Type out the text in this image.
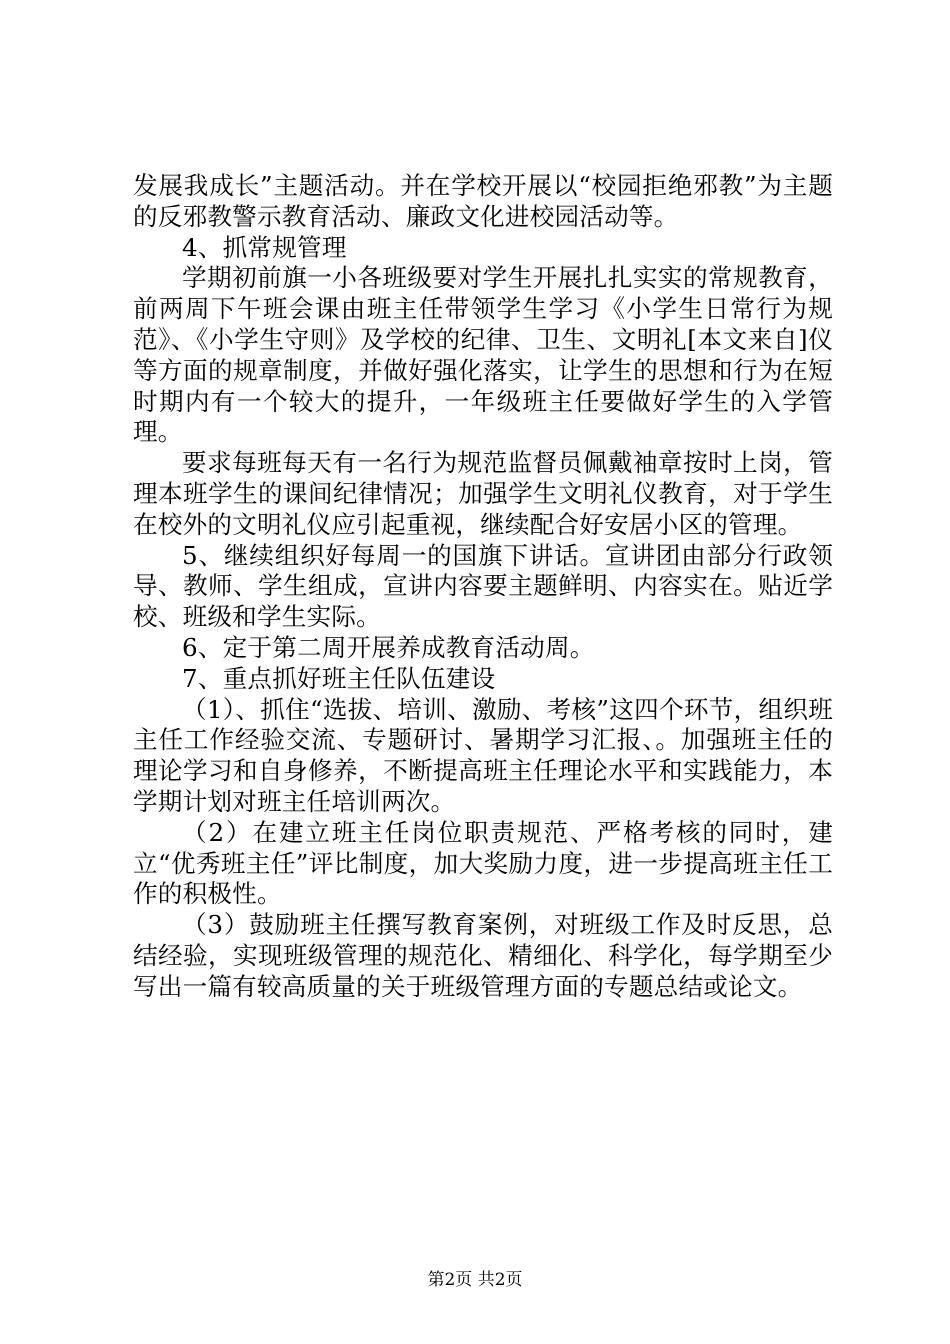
发展我成长”主题活动。并在学校开展以“校园拒绝邪教”为主题的反邪教警示教育活动、廉政文化进校园活动等。

4、抓常规管理

学期初前旗一小各班级要对学生开展扎扎实实的常规教育，前两周下午班会课由班主任带领学生学习《小学生日常行为规范》、《小学生守则》及学校的纪律、卫生、文明礼[本文来自]仪等方面的规章制度，并做好强化落实，让学生的思想和行为在短时期内有一个较大的提升，一年级班主任要做好学生的入学管理。

要求每班每天有一名行为规范监督员佩戴袖章按时上岗，管理本班学生的课间纪律情况；加强学生文明礼仪教育，对于学生在校外的文明礼仪应引起重视，继续配合好安居小区的管理。

5、继续组织好每周一的国旗下讲话。宣讲团由部分行政领导、教师、学生组成，宣讲内容要主题鲜明、内容实在。贴近学校、班级和学生实际。

6、定于第二周开展养成教育活动周。

7、重点抓好班主任队伍建设

（1）、抓住“选拔、培训、激励、考核”这四个环节，组织班主任工作经验交流、专题研讨、暑期学习汇报、。加强班主任的理论学习和自身修养，不断提高班主任理论水平和实践能力，本学期计划对班主任培训两次。

（2）在建立班主任岗位职责规范、严格考核的同时，建立“优秀班主任”评比制度，加大奖励力度，进一步提高班主任工作的积极性。

（3）鼓励班主任撰写教育案例，对班级工作及时反思，总结经验，实现班级管理的规范化、精细化、科学化，每学期至少写出一篇有较高质量的关于班级管理方面的专题总结或论文。

第2页 共2页
